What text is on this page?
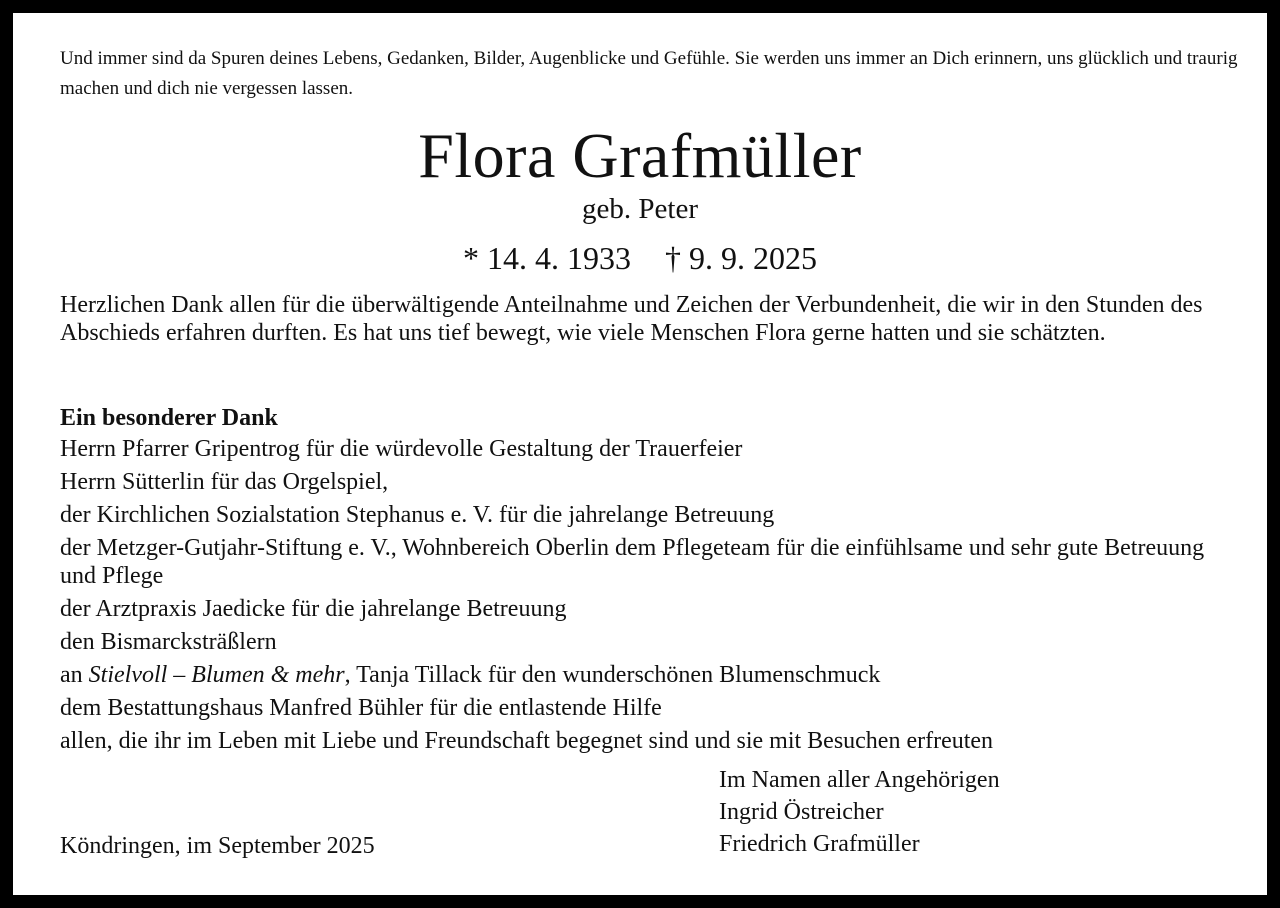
Und immer sind da Spuren deines Lebens, Gedanken, Bilder, Augenblicke und Gefühle. Sie werden uns immer an Dich erinnern, uns glücklich und traurig machen und dich nie vergessen lassen.
Flora Grafmüller
geb. Peter
* 14. 4. 1933 † 9. 9. 2025
Herzlichen Dank allen für die überwältigende Anteilnahme und Zeichen der Verbundenheit, die wir in den Stunden des Abschieds erfahren durften. Es hat uns tief bewegt, wie viele Menschen Flora gerne hatten und sie schätzten.
Ein besonderer Dank
Herrn Pfarrer Gripentrog für die würdevolle Gestaltung der Trauerfeier
Herrn Sütterlin für das Orgelspiel,
der Kirchlichen Sozialstation Stephanus e. V. für die jahrelange Betreuung
der Metzger-Gutjahr-Stiftung e. V., Wohnbereich Oberlin dem Pflegeteam für die einfühlsame und sehr gute Betreuung und Pflege
der Arztpraxis Jaedicke für die jahrelange Betreuung
den Bismarcksträßlern
an Stielvoll – Blumen & mehr, Tanja Tillack für den wunderschönen Blumenschmuck
dem Bestattungshaus Manfred Bühler für die entlastende Hilfe
allen, die ihr im Leben mit Liebe und Freundschaft begegnet sind und sie mit Besuchen erfreuten
Köndringen, im September 2025
Im Namen aller Angehörigen
Ingrid Östreicher
Friedrich Grafmüller
